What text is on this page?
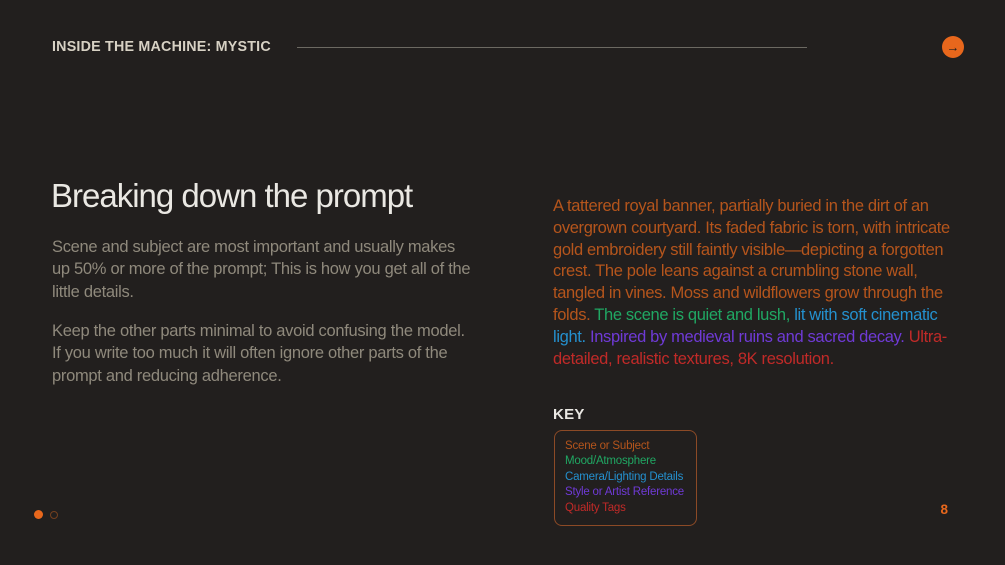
INSIDE THE MACHINE: MYSTIC	→
Breaking down the prompt

Scene and subject are most important and usually makes up 50% or more of the prompt; This is how you get all of the little details.

Keep the other parts minimal to avoid confusing the model. If you write too much it will often ignore other parts of the prompt and reducing adherence.

A tattered royal banner, partially buried in the dirt of an overgrown courtyard. Its faded fabric is torn, with intricate gold embroidery still faintly visible—depicting a forgotten crest. The pole leans against a crumbling stone wall, tangled in vines. Moss and wildflowers grow through the folds. The scene is quiet and lush, lit with soft cinematic light. Inspired by medieval ruins and sacred decay. Ultra-detailed, realistic textures, 8K resolution.
KEY
Scene or Subject
Mood/Atmosphere
Camera/Lighting Details
Style or Artist Reference
Quality Tags	8
